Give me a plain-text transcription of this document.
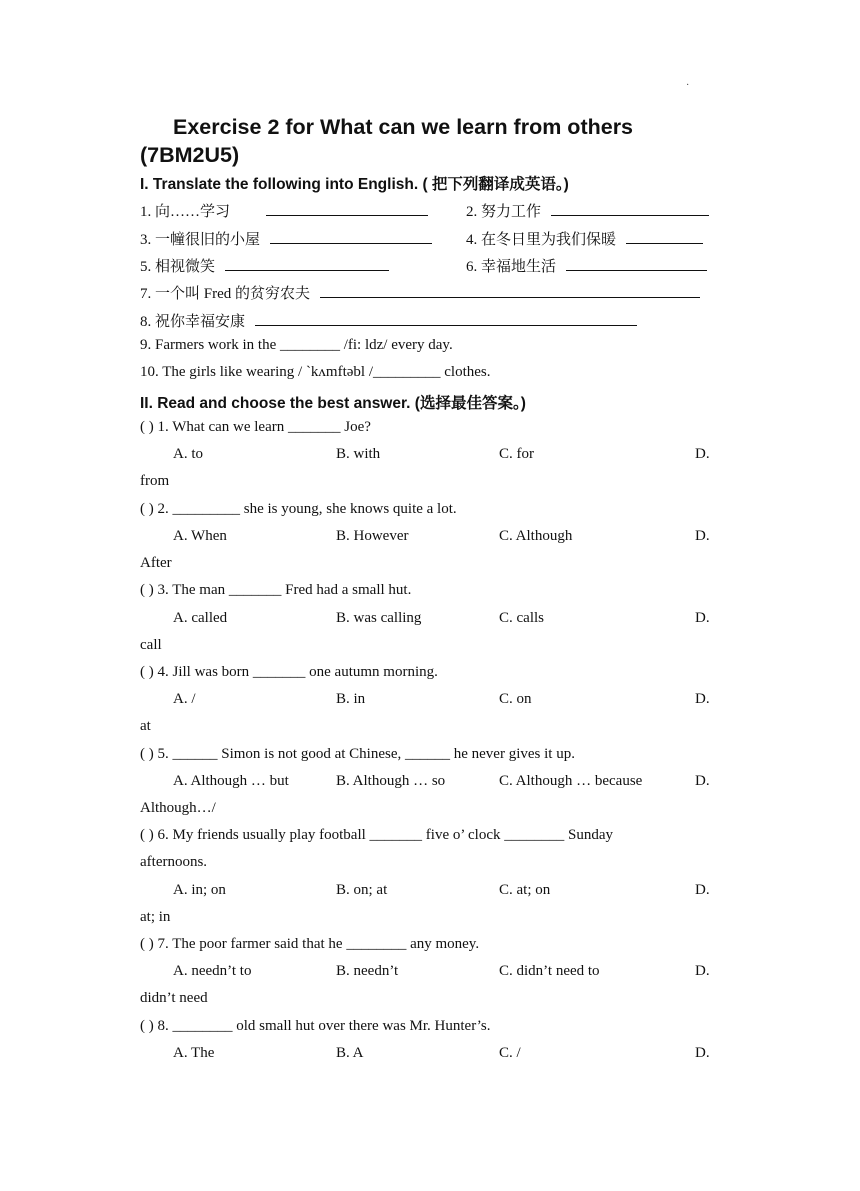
·
Exercise 2 for What can we learn from others (7BM2U5)
I. Translate the following into English. ( 把下列翻译成英语。)
1. 向……学习	2. 努力工作
3. 一幢很旧的小屋	4. 在冬日里为我们保暖
5. 相视微笑	6. 幸福地生活
7. 一个叫 Fred 的贫穷农夫
8. 祝你幸福安康
9. Farmers work in the ________ /fi: ldz/ every day.
10. The girls like wearing / ˋkʌmftəbl /_________ clothes.
II. Read and choose the best answer. (选择最佳答案。)
( ) 1. What can we learn _______ Joe?
A. to	B. with	C. for	D.
from
( ) 2. _________ she is young, she knows quite a lot.
A. When	B. However	C. Although	D.
After
( ) 3. The man _______ Fred had a small hut.
A. called	B. was calling	C. calls	D.
call
( ) 4. Jill was born _______ one autumn morning.
A. /	B. in	C. on	D.
at
( ) 5. ______ Simon is not good at Chinese, ______ he never gives it up.
A. Although … but	B. Although … so	C. Although … because	D.
Although…/
( ) 6. My friends usually play football _______ five o’ clock ________ Sunday
afternoons.
A. in; on	B. on; at	C. at; on	D.
at; in
( ) 7. The poor farmer said that he ________ any money.
A. needn’t to	B. needn’t	C. didn’t need to	D.
didn’t need
( ) 8. ________ old small hut over there was Mr. Hunter’s.
A. The	B. A	C. /	D.
